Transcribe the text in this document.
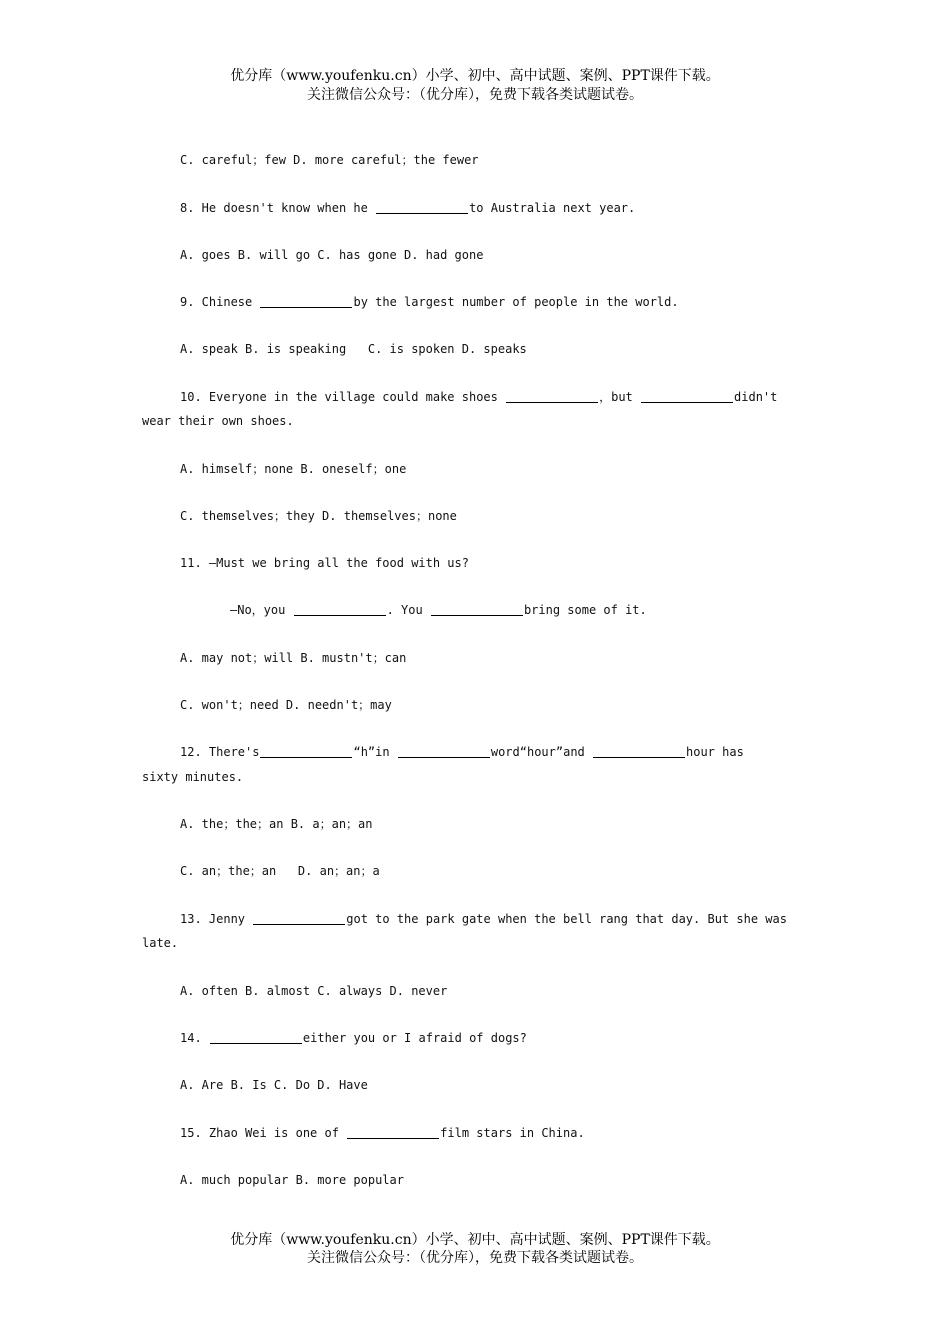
优分库（www.youfenku.cn）小学、初中、高中试题、案例、PPT课件下载。
关注微信公众号：（优分库），免费下载各类试题试卷。
C. careful；few D. more careful；the fewer
8. He doesn't know when he	to Australia next year.
A. goes B. will go C. has gone D. had gone
9. Chinese	by the largest number of people in the world.
A. speak B. is speaking   C. is spoken D. speaks
10. Everyone in the village could make shoes	，but	didn't
wear their own shoes.
A. himself；none B. oneself；one
C. themselves；they D. themselves；none
11. —Must we bring all the food with us?
—No，you	. You	bring some of it.
A. may not；will B. mustn't；can
C. won't；need D. needn't；may
12. There's	“h”in	word“hour”and	hour has
sixty minutes.
A. the；the；an B. a；an；an
C. an；the；an   D. an；an；a
13. Jenny	got to the park gate when the bell rang that day. But she was
late.
A. often B. almost C. always D. never
14.	either you or I afraid of dogs?
A. Are B. Is C. Do D. Have
15. Zhao Wei is one of	film stars in China.
A. much popular B. more popular
优分库（www.youfenku.cn）小学、初中、高中试题、案例、PPT课件下载。
关注微信公众号：（优分库），免费下载各类试题试卷。
